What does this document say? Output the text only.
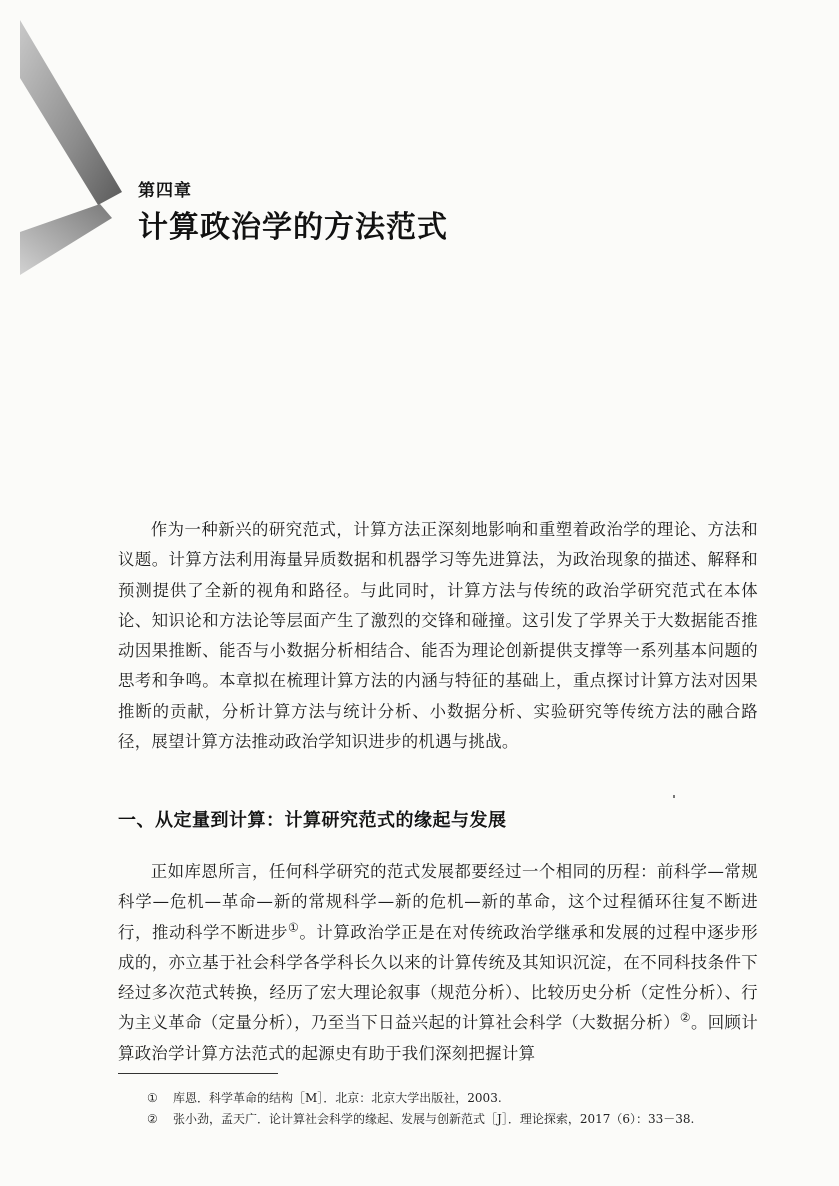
第四章
计算政治学的方法范式

作为一种新兴的研究范式，计算方法正深刻地影响和重塑着政治学的理论、方法和议题。计算方法利用海量异质数据和机器学习等先进算法，为政治现象的描述、解释和预测提供了全新的视角和路径。与此同时，计算方法与传统的政治学研究范式在本体论、知识论和方法论等层面产生了激烈的交锋和碰撞。这引发了学界关于大数据能否推动因果推断、能否与小数据分析相结合、能否为理论创新提供支撑等一系列基本问题的思考和争鸣。本章拟在梳理计算方法的内涵与特征的基础上，重点探讨计算方法对因果推断的贡献，分析计算方法与统计分析、小数据分析、实验研究等传统方法的融合路径，展望计算方法推动政治学知识进步的机遇与挑战。

一、从定量到计算：计算研究范式的缘起与发展

正如库恩所言，任何科学研究的范式发展都要经过一个相同的历程：前科学—常规科学—危机—革命—新的常规科学—新的危机—新的革命，这个过程循环往复不断进行，推动科学不断进步①。计算政治学正是在对传统政治学继承和发展的过程中逐步形成的，亦立基于社会科学各学科长久以来的计算传统及其知识沉淀，在不同科技条件下经过多次范式转换，经历了宏大理论叙事（规范分析）、比较历史分析（定性分析）、行为主义革命（定量分析），乃至当下日益兴起的计算社会科学（大数据分析）②。回顾计算政治学计算方法范式的起源史有助于我们深刻把握计算

① 库恩．科学革命的结构［M］．北京：北京大学出版社，2003.
② 张小劲，孟天广．论计算社会科学的缘起、发展与创新范式［J］．理论探索，2017（6）：33－38.
